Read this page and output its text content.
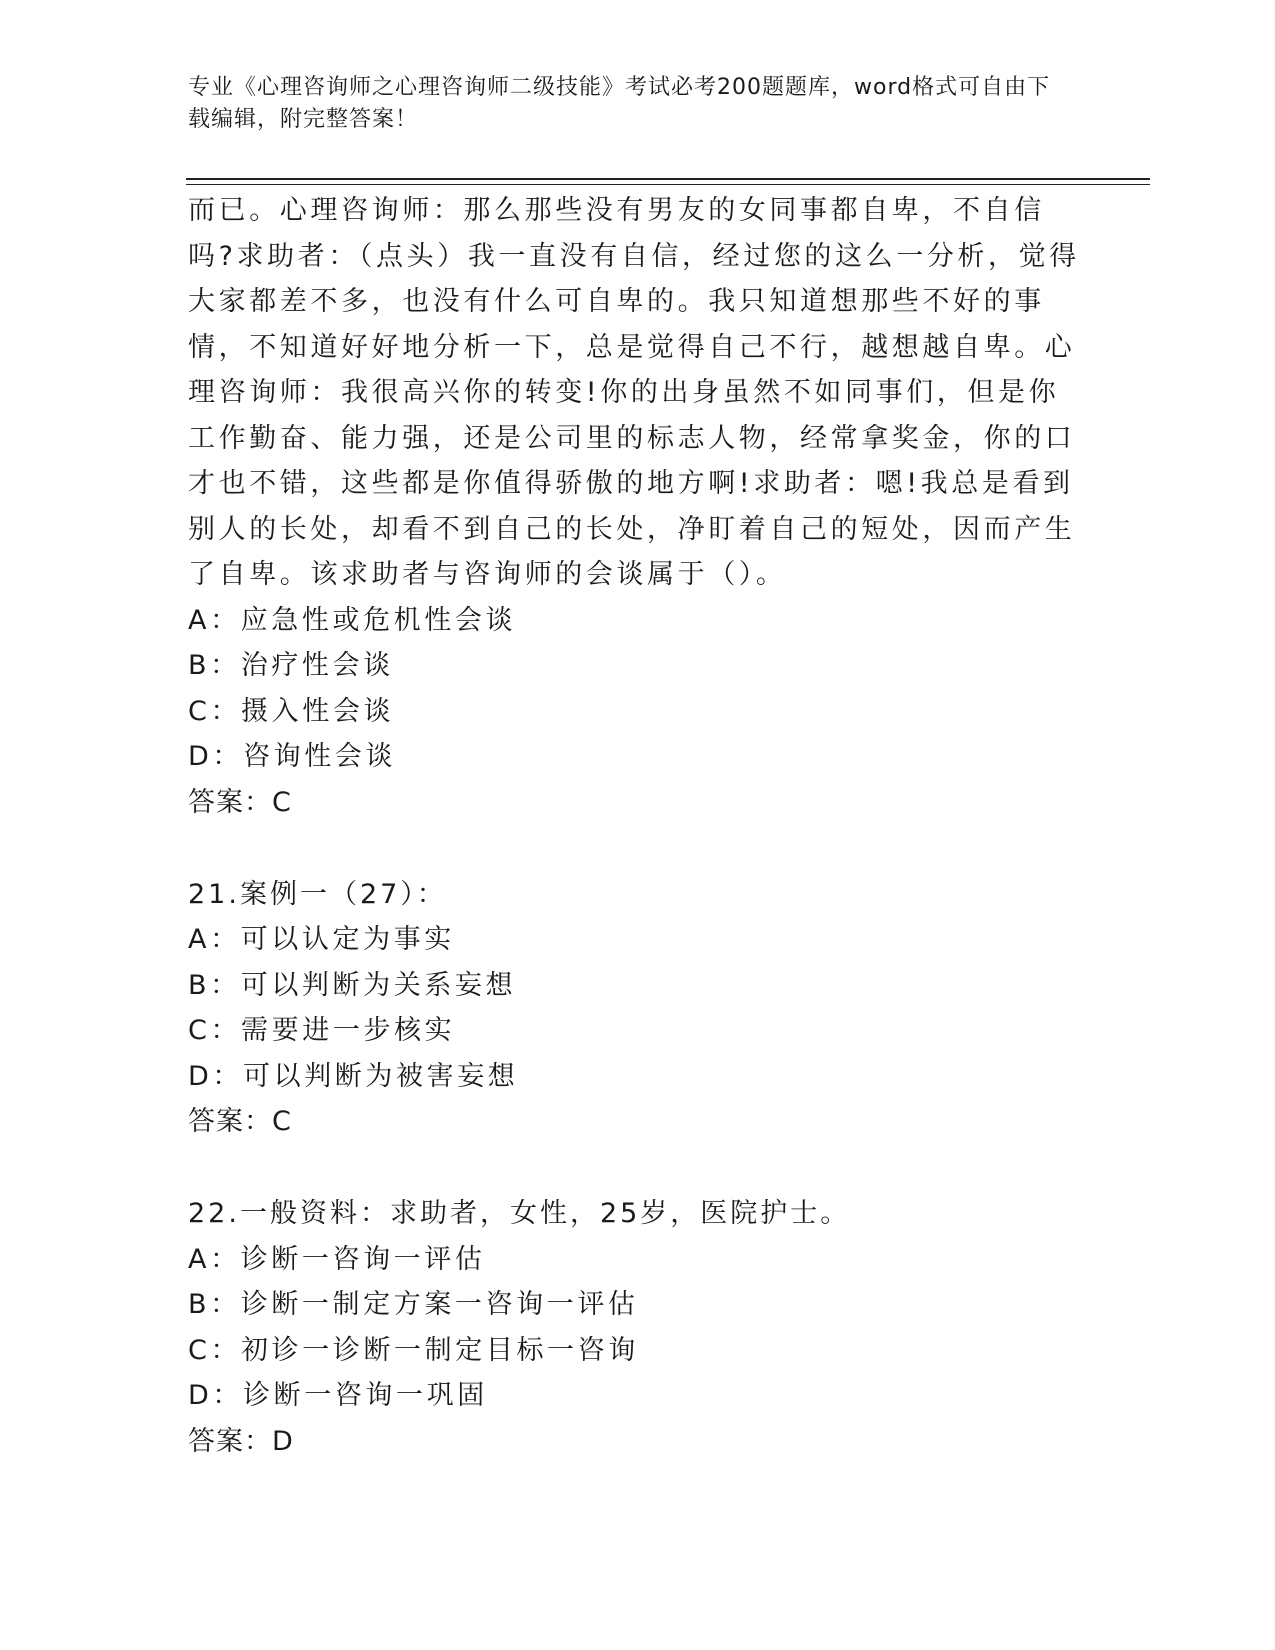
专业《心理咨询师之心理咨询师二级技能》考试必考200题题库，word格式可自由下载编辑，附完整答案！

而已。心理咨询师：那么那些没有男友的女同事都自卑，不自信吗?求助者：（点头）我一直没有自信，经过您的这么一分析，觉得大家都差不多，也没有什么可自卑的。我只知道想那些不好的事情，不知道好好地分析一下，总是觉得自己不行，越想越自卑。心理咨询师：我很高兴你的转变!你的出身虽然不如同事们，但是你工作勤奋、能力强，还是公司里的标志人物，经常拿奖金，你的口才也不错，这些都是你值得骄傲的地方啊!求助者：嗯!我总是看到别人的长处，却看不到自己的长处，净盯着自己的短处，因而产生了自卑。该求助者与咨询师的会谈属于（）。

A：应急性或危机性会谈

B：治疗性会谈

C：摄入性会谈

D：咨询性会谈

答案：C

21.案例一（27）：

A：可以认定为事实

B：可以判断为关系妄想

C：需要进一步核实

D：可以判断为被害妄想

答案：C

22.一般资料：求助者，女性，25岁，医院护士。

A：诊断一咨询一评估

B：诊断一制定方案一咨询一评估

C：初诊一诊断一制定目标一咨询

D：诊断一咨询一巩固

答案：D
